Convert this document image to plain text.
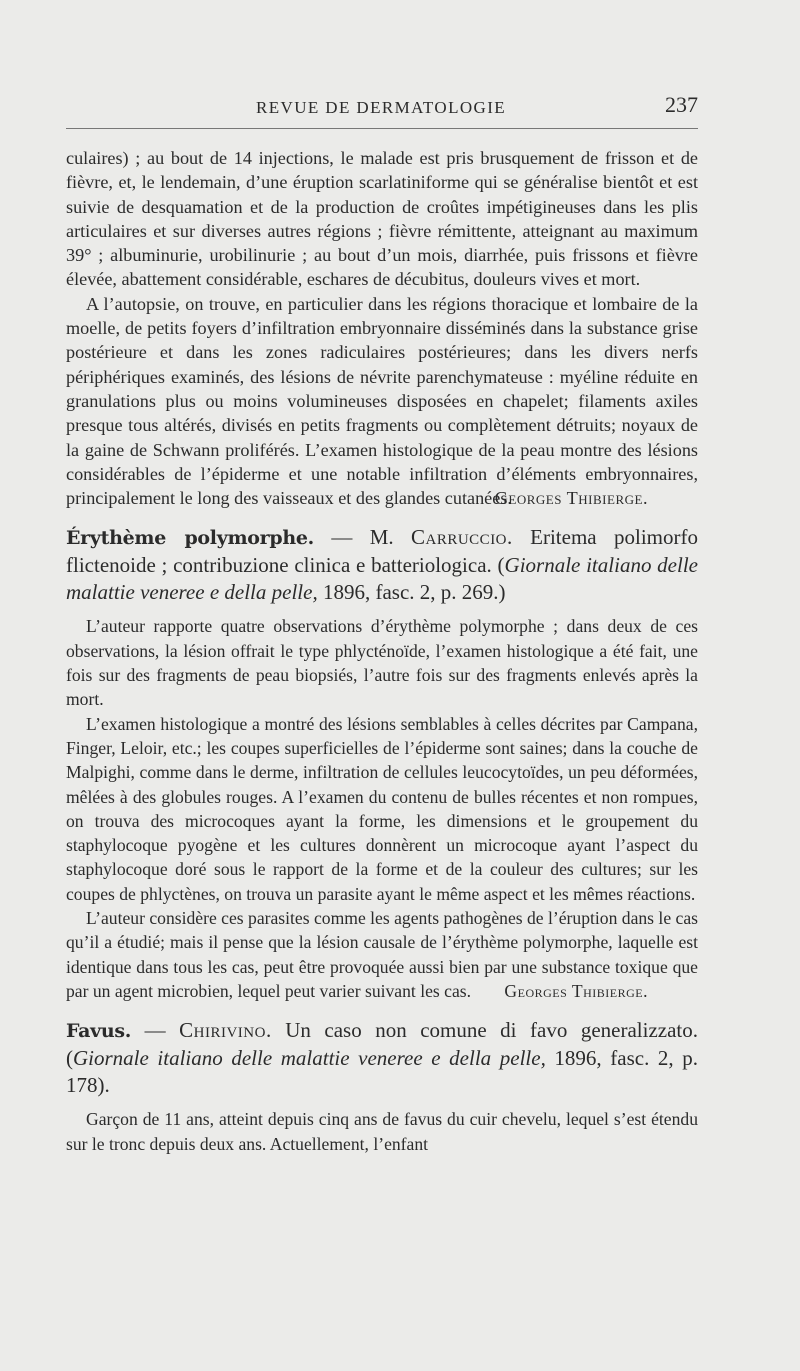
REVUE DE DERMATOLOGIE	237

culaires) ; au bout de 14 injections, le malade est pris brusquement de frisson et de fièvre, et, le lendemain, d’une éruption scarlatiniforme qui se généralise bientôt et est suivie de desquamation et de la production de croûtes impétigineuses dans les plis articulaires et sur diverses autres régions ; fièvre rémittente, atteignant au maximum 39° ; albuminurie, urobilinurie ; au bout d’un mois, diarrhée, puis frissons et fièvre élevée, abattement considérable, eschares de décubitus, douleurs vives et mort.

A l’autopsie, on trouve, en particulier dans les régions thoracique et lombaire de la moelle, de petits foyers d’infiltration embryonnaire disséminés dans la substance grise postérieure et dans les zones radiculaires postérieures; dans les divers nerfs périphériques examinés, des lésions de névrite parenchymateuse : myéline réduite en granulations plus ou moins volumineuses disposées en chapelet; filaments axiles presque tous altérés, divisés en petits fragments ou complètement détruits; noyaux de la gaine de Schwann proliférés. L’examen histologique de la peau montre des lésions considérables de l’épiderme et une notable infiltration d’éléments embryonnaires, principalement le long des vaisseaux et des glandes cutanées.

Georges Thibierge.

Érythème polymorphe. — M. Carruccio. Eritema polimorfo flictenoide ; contribuzione clinica e batteriologica. (Giornale italiano delle malattie veneree e della pelle, 1896, fasc. 2, p. 269.)

L’auteur rapporte quatre observations d’érythème polymorphe ; dans deux de ces observations, la lésion offrait le type phlycténoïde, l’examen histologique a été fait, une fois sur des fragments de peau biopsiés, l’autre fois sur des fragments enlevés après la mort.

L’examen histologique a montré des lésions semblables à celles décrites par Campana, Finger, Leloir, etc.; les coupes superficielles de l’épiderme sont saines; dans la couche de Malpighi, comme dans le derme, infiltration de cellules leucocytoïdes, un peu déformées, mêlées à des globules rouges. A l’examen du contenu de bulles récentes et non rompues, on trouva des microcoques ayant la forme, les dimensions et le groupement du staphylocoque pyogène et les cultures donnèrent un microcoque ayant l’aspect du staphylocoque doré sous le rapport de la forme et de la couleur des cultures; sur les coupes de phlyctènes, on trouva un parasite ayant le même aspect et les mêmes réactions.

L’auteur considère ces parasites comme les agents pathogènes de l’éruption dans le cas qu’il a étudié; mais il pense que la lésion causale de l’érythème polymorphe, laquelle est identique dans tous les cas, peut être provoquée aussi bien par une substance toxique que par un agent microbien, lequel peut varier suivant les cas.	Georges Thibierge.

Favus. — Chirivino. Un caso non comune di favo generalizzato. (Giornale italiano delle malattie veneree e della pelle, 1896, fasc. 2, p. 178).

Garçon de 11 ans, atteint depuis cinq ans de favus du cuir chevelu, lequel s’est étendu sur le tronc depuis deux ans. Actuellement, l’enfant
